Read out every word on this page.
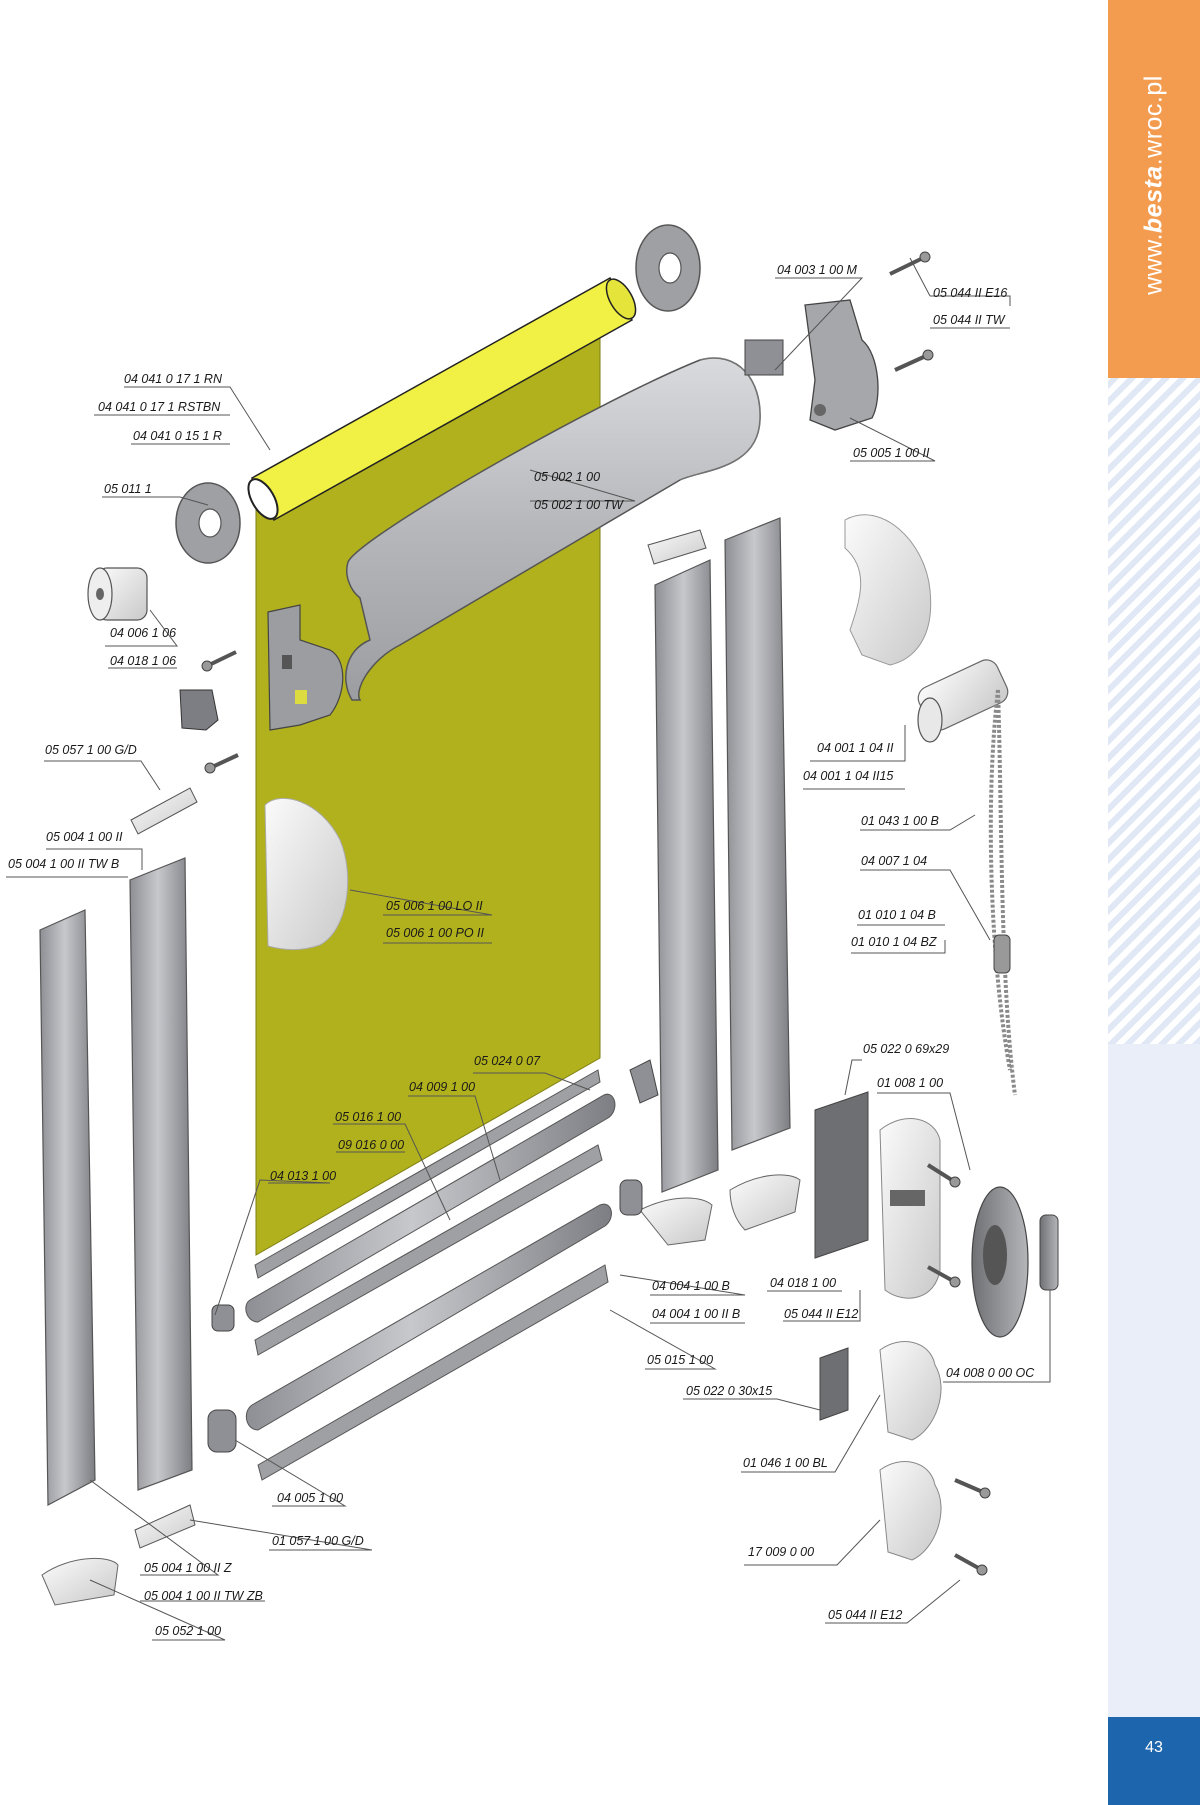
04 003 1 00 M
05 044 II E16
05 044 II TW
04 041 0 17 1 RN
04 041 0 17 1 RSTBN
04 041 0 15 1 R
05 005 1 00 II
05 002 1 00
05 002 1 00 TW
05 011 1
04 006 1 06
04 018 1 06
04 001 1 04 II
04 001 1 04 II15
05 057 1 00 G/D
01 043 1 00 B
05 004 1 00 II
05 004 1 00 II TW B	04 007 1 04
05 006 1 00 LO II
05 006 1 00 PO II
01 010 1 04 B
01 010 1 04 BZ
05 024 0 07
05 022 0 69x29
04 009 1 00	01 008 1 00
05 016 1 00
09 016 0 00
04 013 1 00
04 004 1 00 B	04 018 1 00
04 004 1 00 II B	05 044 II E12
05 015 1 00
04 008 0 00 OC
05 022 0 30x15
01 046 1 00 BL
04 005 1 00
01 057 1 00 G/D
17 009 0 00
05 004 1 00 II Z
05 004 1 00 II TW ZB
05 044 II E12
05 052 1 00
www.besta.wroc.pl
43
